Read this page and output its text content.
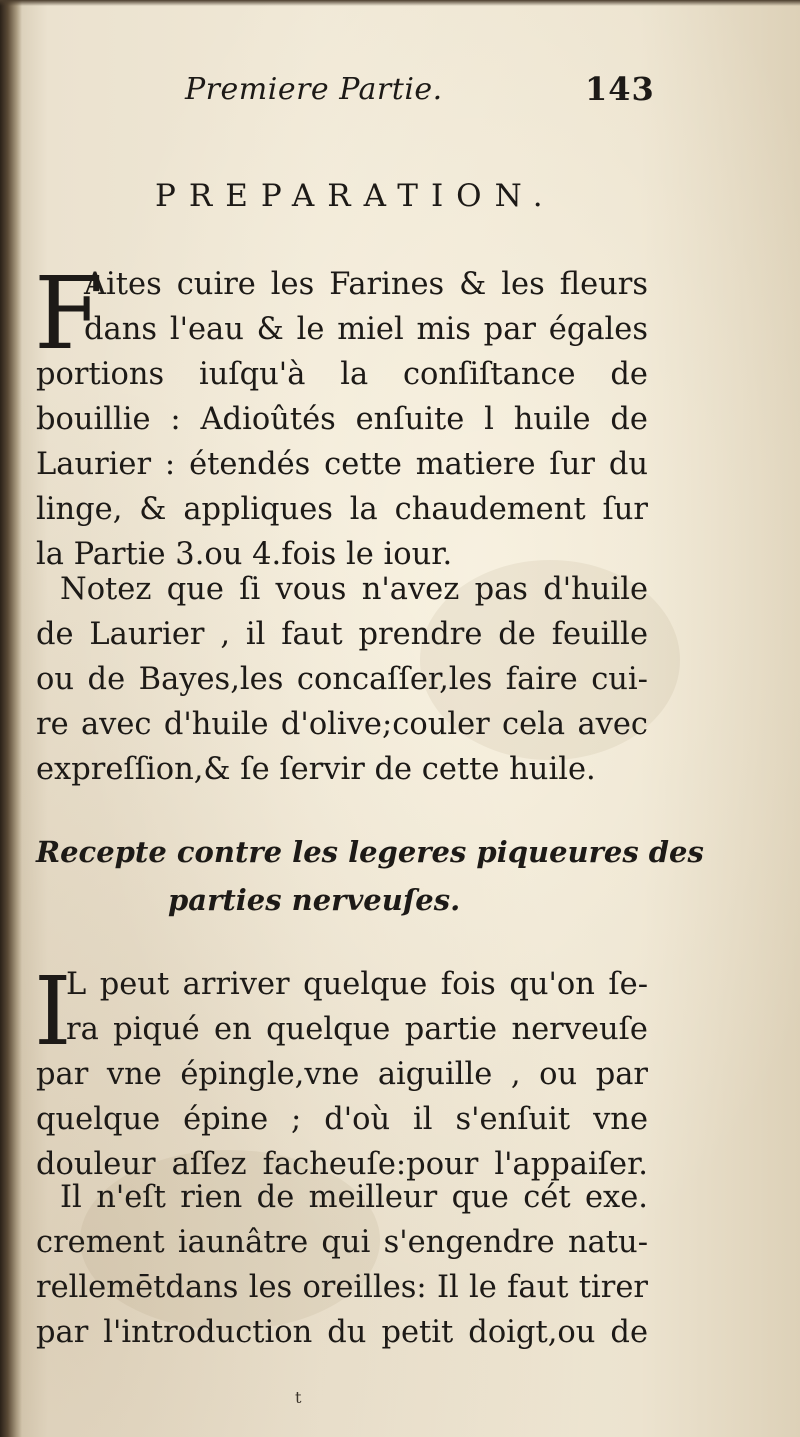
Premiere Partie.	143
PREPARATION.
F
Aites cuire les Farines & les fleurs
dans l'eau & le miel mis par égales
portions iuſqu'à la conſiſtance de
bouillie : Adioûtés enſuite l huile de
Laurier : étendés cette matiere ſur du
linge, & appliques la chaudement ſur
la Partie 3.ou 4.fois le iour.
Notez que ſi vous n'avez pas d'huile
de Laurier , il faut prendre de feuille
ou de Bayes,les concaſſer,les faire cui-
re avec d'huile d'olive;couler cela avec
expreſſion,& ſe ſervir de cette huile.
Recepte contre les legeres piqueures des
parties nerveuſes.
I
L peut arriver quelque fois qu'on ſe-
ra piqué en quelque partie nerveuſe
par vne épingle,vne aiguille , ou par
quelque épine ; d'où il s'enſuit vne
douleur aſſez facheuſe:pour l'appaiſer.
Il n'eſt rien de meilleur que cét exe.
crement iaunâtre qui s'engendre natu-
rellemētdans les oreilles: Il le faut tirer
par l'introduction du petit doigt,ou de
t
